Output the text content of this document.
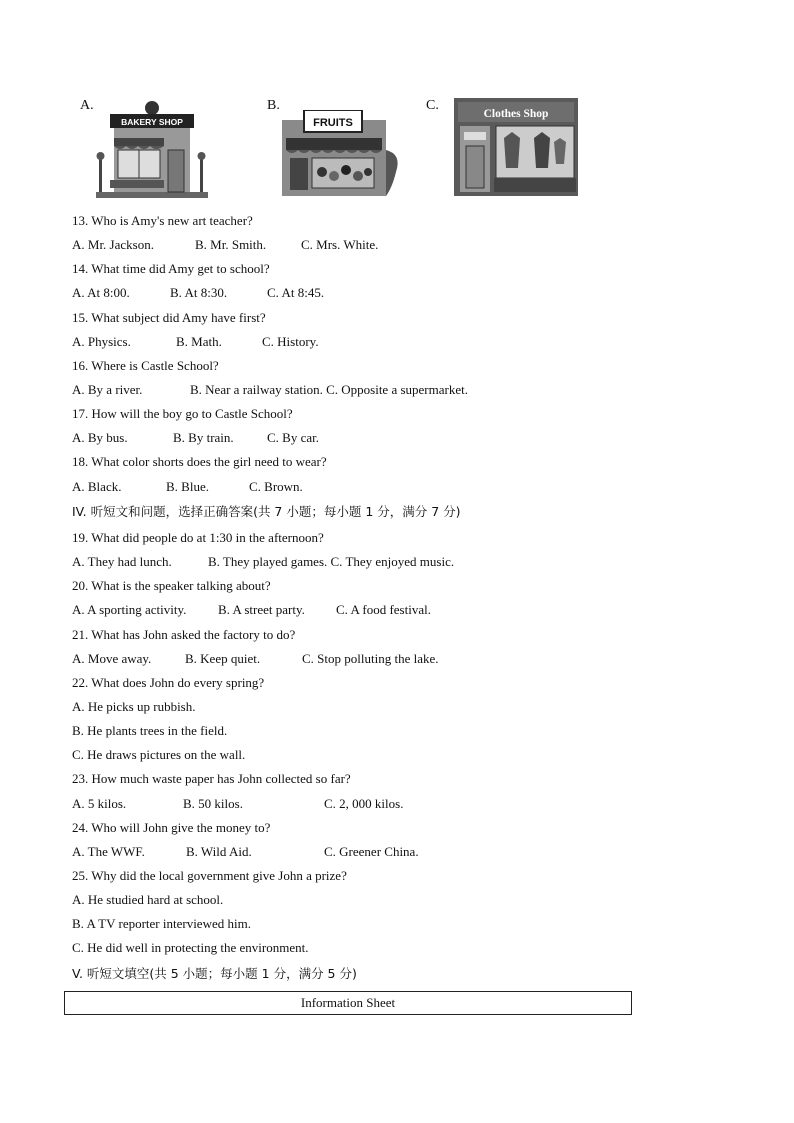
A.	B.	C.
BAKERY SHOP	FRUITS
Clothes Shop
13. Who is Amy's new art teacher?
A. Mr. Jackson.	B. Mr. Smith.	C. Mrs. White.
14. What time did Amy get to school?
A. At 8:00.	B. At 8:30.	C. At 8:45.
15. What subject did Amy have first?
A. Physics.	B. Math.	C. History.
16. Where is Castle School?
A. By a river.	B. Near a railway station. C. Opposite a supermarket.
17. How will the boy go to Castle School?
A. By bus.	B. By train.	C. By car.
18. What color shorts does the girl need to wear?
A. Black.	B. Blue.	C. Brown.
IV. 听短文和问题，选择正确答案(共 7 小题；每小题 1 分，满分 7 分)
19. What did people do at 1:30 in the afternoon?
A. They had lunch.	B. They played games. C. They enjoyed music.
20. What is the speaker talking about?
A. A sporting activity. B. A street party. C. A food festival.
21. What has John asked the factory to do?
A. Move away.	B. Keep quiet.	C. Stop polluting the lake.
22. What does John do every spring?
A. He picks up rubbish.
B. He plants trees in the field.
C. He draws pictures on the wall.
23. How much waste paper has John collected so far?
A. 5 kilos.	B. 50 kilos.	C. 2, 000 kilos.
24. Who will John give the money to?
A. The WWF.	B. Wild Aid.	C. Greener China.
25. Why did the local government give John a prize?
A. He studied hard at school.
B. A TV reporter interviewed him.
C. He did well in protecting the environment.
V. 听短文填空(共 5 小题；每小题 1 分，满分 5 分)
Information Sheet
